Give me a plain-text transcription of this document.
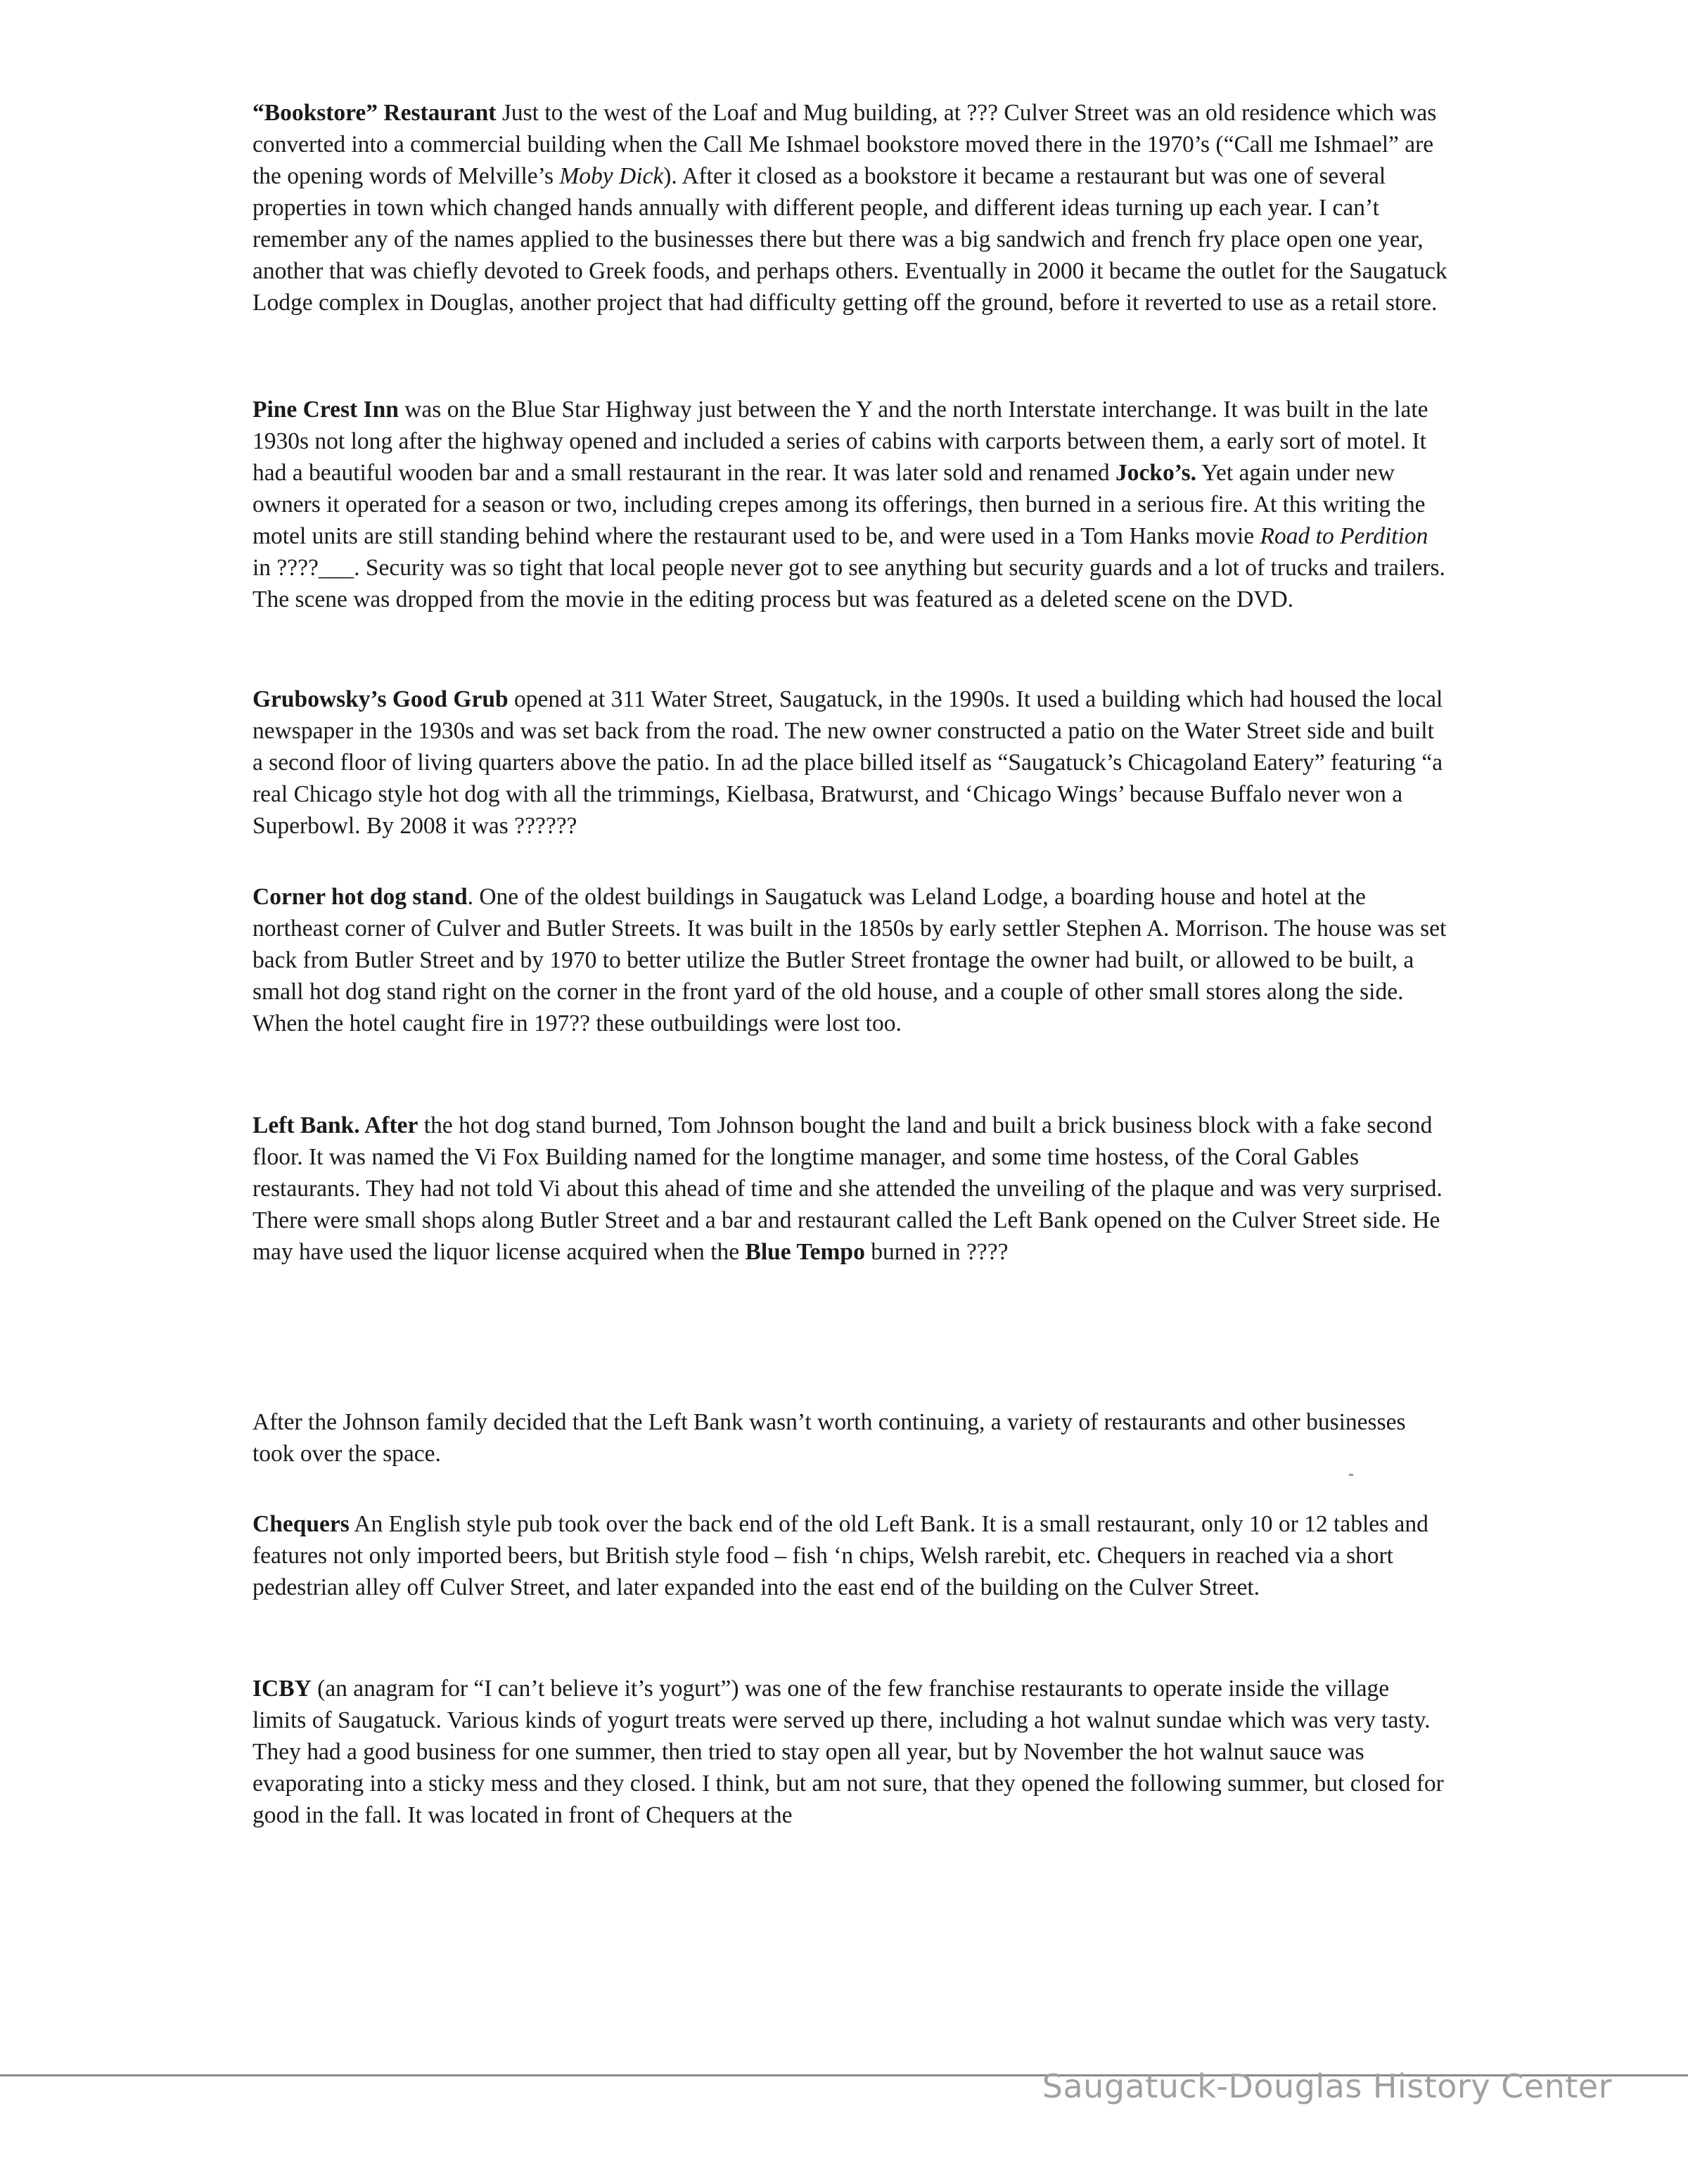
“Bookstore” Restaurant Just to the west of the Loaf and Mug building, at ??? Culver Street was an old residence which was converted into a commercial building when the Call Me Ishmael bookstore moved there in the 1970’s (“Call me Ishmael” are the opening words of Melville’s Moby Dick). After it closed as a bookstore it became a restaurant but was one of several properties in town which changed hands annually with different people, and different ideas turning up each year. I can’t remember any of the names applied to the businesses there but there was a big sandwich and french fry place open one year, another that was chiefly devoted to Greek foods, and perhaps others. Eventually in 2000 it became the outlet for the Saugatuck Lodge complex in Douglas, another project that had difficulty getting off the ground, before it reverted to use as a retail store.

Pine Crest Inn was on the Blue Star Highway just between the Y and the north Interstate interchange. It was built in the late 1930s not long after the highway opened and included a series of cabins with carports between them, a early sort of motel. It had a beautiful wooden bar and a small restaurant in the rear. It was later sold and renamed Jocko’s. Yet again under new owners it operated for a season or two, including crepes among its offerings, then burned in a serious fire. At this writing the motel units are still standing behind where the restaurant used to be, and were used in a Tom Hanks movie Road to Perdition in ????___. Security was so tight that local people never got to see anything but security guards and a lot of trucks and trailers. The scene was dropped from the movie in the editing process but was featured as a deleted scene on the DVD.

Grubowsky’s Good Grub opened at 311 Water Street, Saugatuck, in the 1990s. It used a building which had housed the local newspaper in the 1930s and was set back from the road. The new owner constructed a patio on the Water Street side and built a second floor of living quarters above the patio. In ad the place billed itself as “Saugatuck’s Chicagoland Eatery” featuring “a real Chicago style hot dog with all the trimmings, Kielbasa, Bratwurst, and ‘Chicago Wings’ because Buffalo never won a Superbowl. By 2008 it was ??????

Corner hot dog stand. One of the oldest buildings in Saugatuck was Leland Lodge, a boarding house and hotel at the northeast corner of Culver and Butler Streets. It was built in the 1850s by early settler Stephen A. Morrison. The house was set back from Butler Street and by 1970 to better utilize the Butler Street frontage the owner had built, or allowed to be built, a small hot dog stand right on the corner in the front yard of the old house, and a couple of other small stores along the side. When the hotel caught fire in 197?? these outbuildings were lost too.

Left Bank. After the hot dog stand burned, Tom Johnson bought the land and built a brick business block with a fake second floor. It was named the Vi Fox Building named for the longtime manager, and some time hostess, of the Coral Gables restaurants. They had not told Vi about this ahead of time and she attended the unveiling of the plaque and was very surprised. There were small shops along Butler Street and a bar and restaurant called the Left Bank opened on the Culver Street side. He may have used the liquor license acquired when the Blue Tempo burned in ????

After the Johnson family decided that the Left Bank wasn’t worth continuing, a variety of restaurants and other businesses took over the space.

Chequers An English style pub took over the back end of the old Left Bank. It is a small restaurant, only 10 or 12 tables and features not only imported beers, but British style food – fish ‘n chips, Welsh rarebit, etc. Chequers in reached via a short pedestrian alley off Culver Street, and later expanded into the east end of the building on the Culver Street.

ICBY (an anagram for “I can’t believe it’s yogurt”) was one of the few franchise restaurants to operate inside the village limits of Saugatuck. Various kinds of yogurt treats were served up there, including a hot walnut sundae which was very tasty. They had a good business for one summer, then tried to stay open all year, but by November the hot walnut sauce was evaporating into a sticky mess and they closed. I think, but am not sure, that they opened the following summer, but closed for good in the fall. It was located in front of Chequers at the

Saugatuck-Douglas History Center
